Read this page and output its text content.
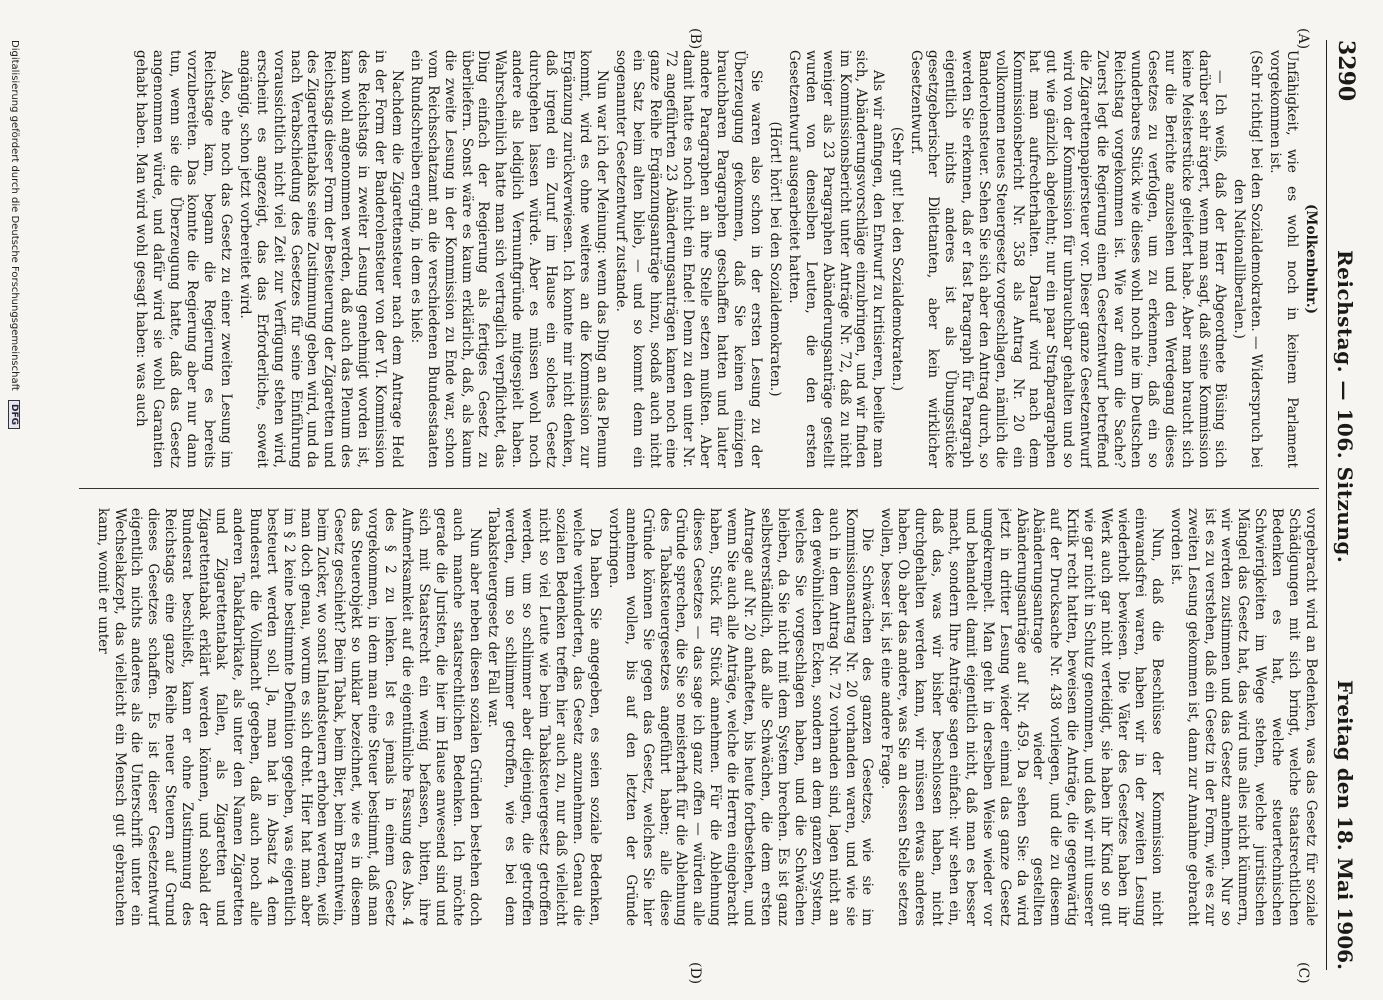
3290
Reichstag. — 106. Sitzung.
Freitag den 18. Mai 1906.
(A)
(B)
(C)
(D)
(Molkenbuhr.)

Unfähigkeit, wie es wohl noch in keinem Parlament vorgekommen ist.

(Sehr richtig! bei den Sozialdemokraten. — Widerspruch bei den Nationalliberalen.)

— Ich weiß, daß der Herr Abgeordnete Büsing sich darüber sehr ärgert, wenn man sagt, daß seine Kommission keine Meisterstücke geliefert habe. Aber man braucht sich nur die Berichte anzusehen und den Werdegang dieses Gesetzes zu verfolgen, um zu erkennen, daß ein so wunderbares Stück wie dieses wohl noch nie im Deutschen Reichstag vorgekommen ist. Wie war denn die Sache? Zuerst legt die Regierung einen Gesetzentwurf betreffend die Zigarettenpapiersteuer vor. Dieser ganze Gesetzentwurf wird von der Kommission für unbrauchbar gehalten und so gut wie gänzlich abgelehnt; nur ein paar Strafparagraphen hat man aufrechterhalten. Darauf wird nach dem Kommissionsbericht Nr. 358 als Antrag Nr. 20 ein vollkommen neues Steuergesetz vorgeschlagen, nämlich die Banderolensteuer. Sehen Sie sich aber den Antrag durch, so werden Sie erkennen, daß er fast Paragraph für Paragraph eigentlich nichts anderes ist als Übungsstücke gesetzgeberischer Dilettanten, aber kein wirklicher Gesetzentwurf.

(Sehr gut! bei den Sozialdemokraten.)

Als wir anfingen, den Entwurf zu kritisieren, beeilte man sich, Abänderungsvorschläge einzubringen, und wir finden im Kommissionsbericht unter Anträge Nr. 72, daß zu nicht weniger als 23 Paragraphen Abänderungsanträge gestellt wurden von denselben Leuten, die den ersten Gesetzentwurf ausgearbeitet hatten.

(Hört! hört! bei den Sozialdemokraten.)

Sie waren also schon in der ersten Lesung zu der Überzeugung gekommen, daß Sie keinen einzigen brauchbaren Paragraphen geschaffen hatten und lauter andere Paragraphen an ihre Stelle setzen mußten. Aber damit hatte es noch nicht ein Ende! Denn zu den unter Nr. 72 angeführten 23 Abänderungsanträgen kamen noch eine ganze Reihe Ergänzungsanträge hinzu, sodaß auch nicht ein Satz beim alten blieb, — und so kommt denn ein sogenannter Gesetzentwurf zustande.

Nun war ich der Meinung: wenn das Ding an das Plenum kommt, wird es ohne weiteres an die Kommission zur Ergänzung zurückverwiesen. Ich konnte mir nicht denken, daß irgend ein Zuruf im Hause ein solches Gesetz durchgehen lassen würde. Aber es müssen wohl noch andere als lediglich Vernunftgründe mitgespielt haben. Wahrscheinlich hatte man sich vertraglich verpflichtet, das Ding einfach der Regierung als fertiges Gesetz zu überliefern. Sonst wäre es kaum erklärlich, daß, als kaum die zweite Lesung in der Kommission zu Ende war, schon vom Reichsschatzamt an die verschiedenen Bundesstaaten ein Rundschreiben erging, in dem es hieß:

Nachdem die Zigarettensteuer nach dem Antrage Held in der Form der Banderolensteuer von der VI. Kommission des Reichstags in zweiter Lesung genehmigt worden ist, kann wohl angenommen werden, daß auch das Plenum des Reichstags dieser Form der Besteuerung der Zigaretten und des Zigarettentabaks seine Zustimmung geben wird, und da nach Verabschiedung des Gesetzes für seine Einführung voraussichtlich nicht viel Zeit zur Verfügung stehen wird, erscheint es angezeigt, das das Erforderliche, soweit angängig, schon jetzt vorbereitet wird.

Also, ehe noch das Gesetz zu einer zweiten Lesung im Reichstage kam, begann die Regierung es bereits vorzubereiten. Das konnte die Regierung aber nur dann tun, wenn sie die Überzeugung hatte, daß das Gesetz angenommen würde, und dafür wird sie wohl Garantien gehabt haben. Man wird wohl gesagt haben: was auch

vorgebracht wird an Bedenken, was das Gesetz für soziale Schädigungen mit sich bringt, welche staatsrechtlichen Bedenken es hat, welche steuertechnischen Schwierigkeiten im Wege stehen, welche juristischen Mängel das Gesetz hat, das wird uns alles nicht kümmern, wir werden zustimmen und das Gesetz annehmen. Nur so ist es zu verstehen, daß ein Gesetz in der Form, wie es zur zweiten Lesung gekommen ist, dann zur Annahme gebracht worden ist.

Nun, daß die Beschlüsse der Kommission nicht einwandsfrei waren, haben wir in der zweiten Lesung wiederholt bewiesen. Die Väter des Gesetzes haben ihr Werk auch gar nicht verteidigt, sie haben ihr Kind so gut wie gar nicht in Schutz genommen, und daß wir mit unserer Kritik recht hatten, beweisen die Anträge, die gegenwärtig auf der Drucksache Nr. 438 vorliegen, und die zu diesem Abänderungsantrage wieder gestellten Abänderungsanträge auf Nr. 459. Da sehen Sie: da wird jetzt in dritter Lesung wieder einmal das ganze Gesetz umgekrempelt. Man geht in derselben Weise wieder vor und behandelt damit eigentlich nicht, daß man es besser macht, sondern Ihre Anträge sagen einfach: wir sehen ein, daß das, was wir bisher beschlossen haben, nicht durchgehalten werden kann, wir müssen etwas anderes haben. Ob aber das andere, was Sie an dessen Stelle setzen wollen, besser ist, ist eine andere Frage.

Die Schwächen des ganzen Gesetzes, wie sie im Kommissionsantrag Nr. 20 vorhanden waren, und wie sie auch in dem Antrag Nr. 72 vorhanden sind, lagen nicht an den gewöhnlichen Ecken, sondern an dem ganzen System, welches Sie vorgeschlagen haben, und die Schwächen bleiben, da Sie nicht mit dem System brechen. Es ist ganz selbstverständlich, daß alle Schwächen, die dem ersten Antrage auf Nr. 20 anhafteten, bis heute fortbestehen, und wenn Sie auch alle Anträge, welche die Herren eingebracht haben, Stück für Stück annehmen. Für die Ablehnung dieses Gesetzes — das sage ich ganz offen — würden alle Gründe sprechen, die Sie so meisterhaft für die Ablehnung des Tabaksteuergesetzes angeführt haben; alle diese Gründe können Sie gegen das Gesetz, welches Sie hier annehmen wollen, bis auf den letzten der Gründe vorbringen.

Da haben Sie angegeben, es seien soziale Bedenken, welche verhinderten, das Gesetz anzunehmen. Genau die sozialen Bedenken treffen hier auch zu, nur daß vielleicht nicht so viel Leute wie beim Tabaksteuergesetz getroffen werden, um so schlimmer aber diejenigen, die getroffen werden, um so schlimmer getroffen, wie es bei dem Tabaksteuergesetz der Fall war.

Nun aber neben diesen sozialen Gründen bestehen doch auch manche staatsrechtlichen Bedenken. Ich möchte gerade die Juristen, die hier im Hause anwesend sind und sich mit Staatsrecht ein wenig befassen, bitten, ihre Aufmerksamkeit auf die eigentümliche Fassung des Abs. 4 des § 2 zu lenken. Ist es jemals in einem Gesetz vorgekommen, in dem man eine Steuer bestimmt, daß man das Steuerobjekt so unklar bezeichnet, wie es in diesem Gesetz geschieht? Beim Tabak, beim Bier, beim Branntwein, beim Zucker, wo sonst Inlandsteuern erhoben werden, weiß man doch genau, worum es sich dreht. Hier hat man aber im § 2 keine bestimmte Definition gegeben, was eigentlich besteuert werden soll. Ja, man hat in Absatz 4 dem Bundesrat die Vollmacht gegeben, daß auch noch alle anderen Tabakfabrikate, als unter den Namen Zigaretten und Zigarettentabak fallen, als Zigaretten und Zigarettentabak erklärt werden können, und sobald der Bundesrat beschließt, kann er ohne Zustimmung des Reichstags eine ganze Reihe neuer Steuern auf Grund dieses Gesetzes schaffen. Es ist dieser Gesetzentwurf eigentlich nichts anderes als die Unterschrift unter ein Wechselakzept, das vielleicht ein Mensch gut gebrauchen kann, womit er unter

Digitalisierung gefördert durch die Deutsche Forschungsgemeinschaft DFG
